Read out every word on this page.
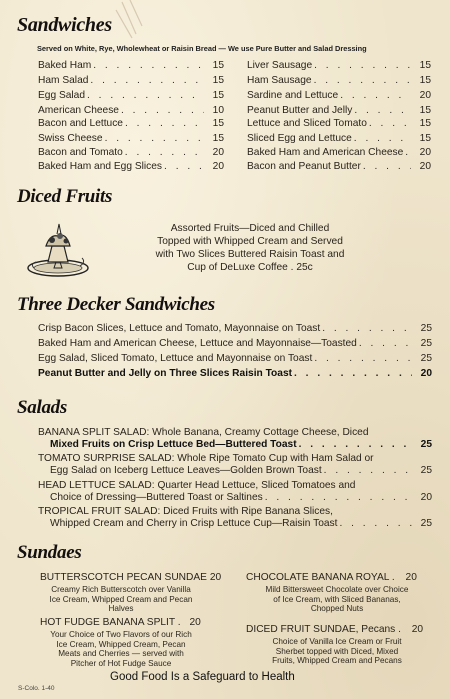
Sandwiches
Served on White, Rye, Wholewheat or Raisin Bread — We use Pure Butter and Salad Dressing
Baked Ham . . .	15
Ham Salad . . .	15
Egg Salad . . .	15
American Cheese . . .	10
Bacon and Lettuce . . .	15
Swiss Cheese . . .	15
Bacon and Tomato . . .	20
Baked Ham and Egg Slices . . .	20
Liver Sausage . . .	15
Ham Sausage . . .	15
Sardine and Lettuce . . .	20
Peanut Butter and Jelly . . .	15
Lettuce and Sliced Tomato . . .	15
Sliced Egg and Lettuce . . .	15
Baked Ham and American Cheese . . .	20
Bacon and Peanut Butter . . .	20
Diced Fruits
Assorted Fruits—Diced and Chilled
Topped with Whipped Cream and Served
with Two Slices Buttered Raisin Toast and
Cup of DeLuxe Coffee . 25c
Three Decker Sandwiches
Crisp Bacon Slices, Lettuce and Tomato, Mayonnaise on Toast . . .	25
Baked Ham and American Cheese, Lettuce and Mayonnaise—Toasted . . .	25
Egg Salad, Sliced Tomato, Lettuce and Mayonnaise on Toast . . .	25
Peanut Butter and Jelly on Three Slices Raisin Toast . . .	20
Salads
BANANA SPLIT SALAD: Whole Banana, Creamy Cottage Cheese, Diced
Mixed Fruits on Crisp Lettuce Bed—Buttered Toast . . .	25
TOMATO SURPRISE SALAD: Whole Ripe Tomato Cup with Ham Salad or
Egg Salad on Iceberg Lettuce Leaves—Golden Brown Toast . . .	25
HEAD LETTUCE SALAD: Quarter Head Lettuce, Sliced Tomatoes and
Choice of Dressing—Buttered Toast or Saltines . . .	20
TROPICAL FRUIT SALAD: Diced Fruits with Ripe Banana Slices,
Whipped Cream and Cherry in Crisp Lettuce Cup—Raisin Toast . . .	25
Sundaes
BUTTERSCOTCH PECAN SUNDAE 20
Creamy Rich Butterscotch over Vanilla
Ice Cream, Whipped Cream and Pecan
Halves
CHOCOLATE BANANA ROYAL . 20
Mild Bittersweet Chocolate over Choice
of Ice Cream, with Sliced Bananas,
Chopped Nuts
HOT FUDGE BANANA SPLIT . 20
Your Choice of Two Flavors of our Rich
Ice Cream, Whipped Cream, Pecan
Meats and Cherries — served with
Pitcher of Hot Fudge Sauce
DICED FRUIT SUNDAE, Pecans . 20
Choice of Vanilla Ice Cream or Fruit
Sherbet topped with Diced, Mixed
Fruits, Whipped Cream and Pecans
S-Colo. 1-40
Good Food Is a Safeguard to Health
